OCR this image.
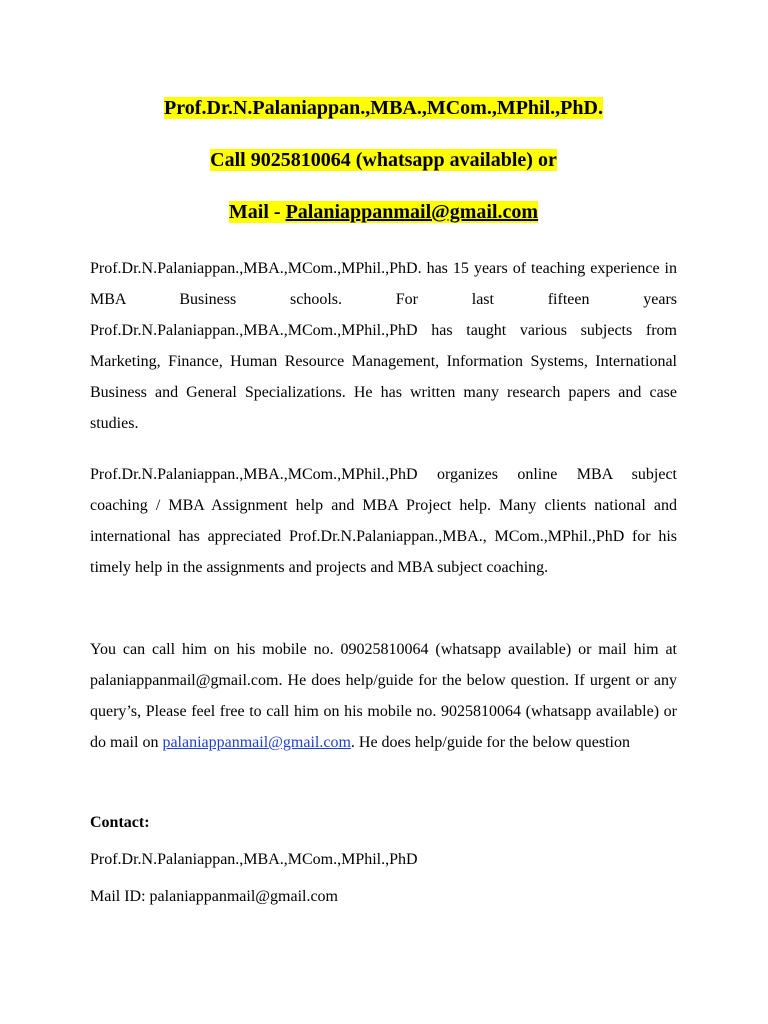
Prof.Dr.N.Palaniappan.,MBA.,MCom.,MPhil.,PhD.

Call 9025810064 (whatsapp available) or

Mail - Palaniappanmail@gmail.com

Prof.Dr.N.Palaniappan.,MBA.,MCom.,MPhil.,PhD. has 15 years of teaching experience in MBA Business schools. For last fifteen years Prof.Dr.N.Palaniappan.,MBA.,MCom.,MPhil.,PhD has taught various subjects from Marketing, Finance, Human Resource Management, Information Systems, International Business and General Specializations. He has written many research papers and case studies.

Prof.Dr.N.Palaniappan.,MBA.,MCom.,MPhil.,PhD organizes online MBA subject coaching / MBA Assignment help and MBA Project help. Many clients national and international has appreciated Prof.Dr.N.Palaniappan.,MBA., MCom.,MPhil.,PhD for his timely help in the assignments and projects and MBA subject coaching.

You can call him on his mobile no. 09025810064 (whatsapp available) or mail him at palaniappanmail@gmail.com. He does help/guide for the below question. If urgent or any query’s, Please feel free to call him on his mobile no. 9025810064 (whatsapp available) or do mail on palaniappanmail@gmail.com. He does help/guide for the below question

Contact:

Prof.Dr.N.Palaniappan.,MBA.,MCom.,MPhil.,PhD

Mail ID: palaniappanmail@gmail.com
